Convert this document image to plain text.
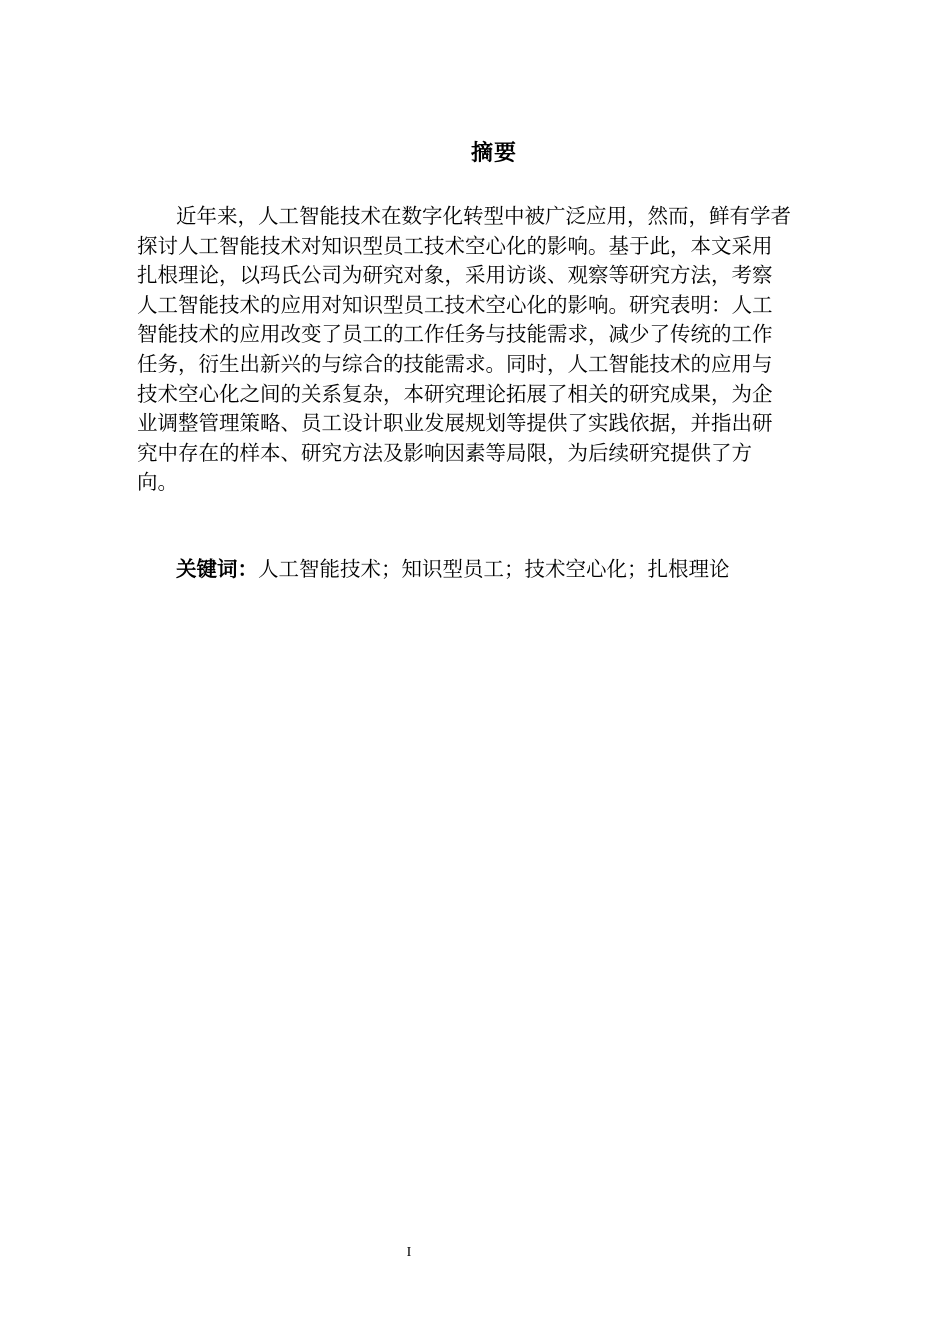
摘要
近年来，人工智能技术在数字化转型中被广泛应用，然而，鲜有学者
探讨人工智能技术对知识型员工技术空心化的影响。基于此，本文采用
扎根理论，以玛氏公司为研究对象，采用访谈、观察等研究方法，考察
人工智能技术的应用对知识型员工技术空心化的影响。研究表明：人工
智能技术的应用改变了员工的工作任务与技能需求，减少了传统的工作
任务，衍生出新兴的与综合的技能需求。同时，人工智能技术的应用与
技术空心化之间的关系复杂，本研究理论拓展了相关的研究成果，为企
业调整管理策略、员工设计职业发展规划等提供了实践依据，并指出研
究中存在的样本、研究方法及影响因素等局限，为后续研究提供了方
向。
关键词：人工智能技术；知识型员工；技术空心化；扎根理论
I
